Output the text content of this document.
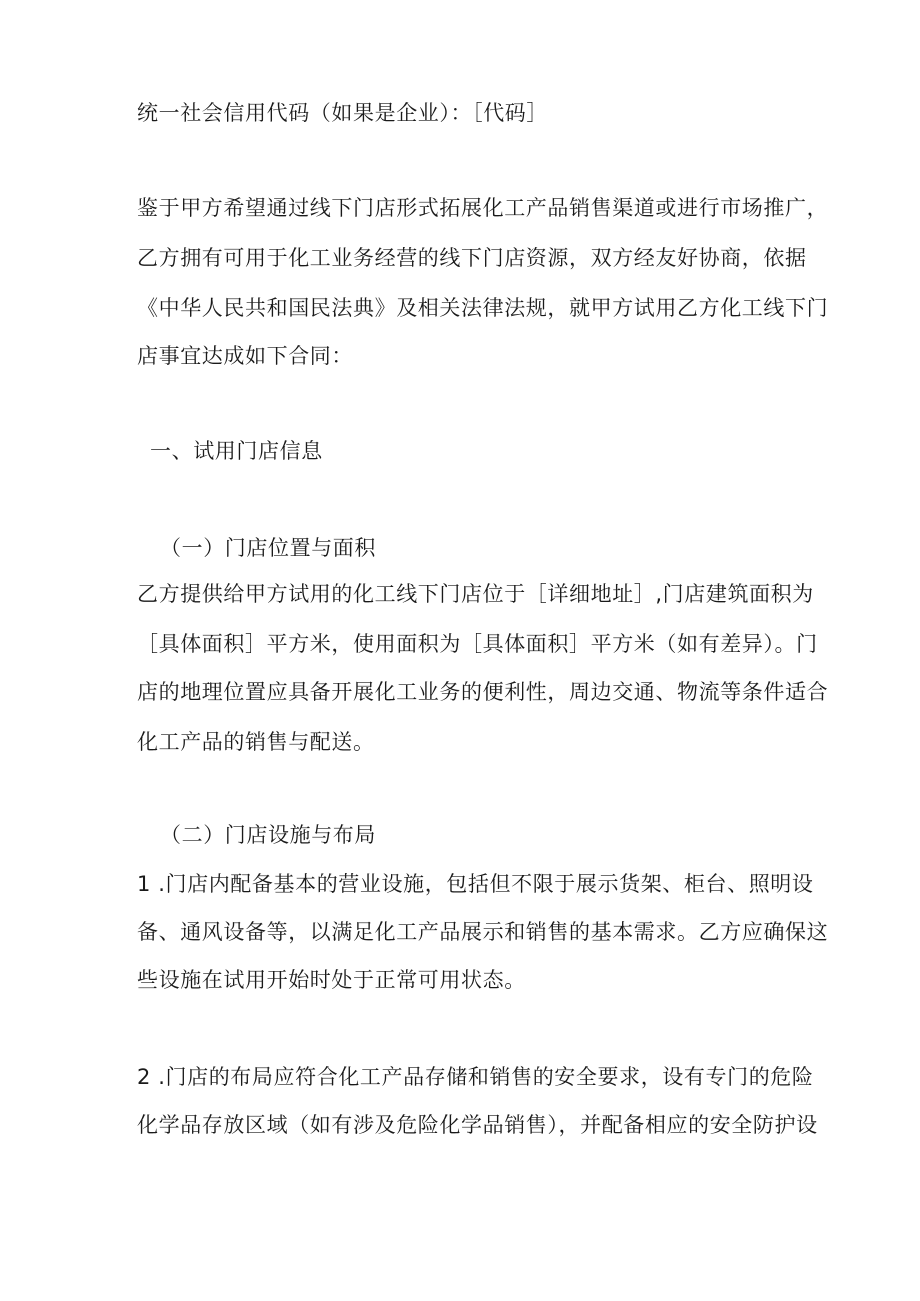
统一社会信用代码（如果是企业）：［代码］
鉴于甲方希望通过线下门店形式拓展化工产品销售渠道或进行市场推广，
乙方拥有可用于化工业务经营的线下门店资源，双方经友好协商，依据
《中华人民共和国民法典》及相关法律法规，就甲方试用乙方化工线下门
店事宜达成如下合同：
一、试用门店信息
（一）门店位置与面积
乙方提供给甲方试用的化工线下门店位于［详细地址］,门店建筑面积为
［具体面积］平方米，使用面积为［具体面积］平方米（如有差异）。门
店的地理位置应具备开展化工业务的便利性，周边交通、物流等条件适合
化工产品的销售与配送。
（二）门店设施与布局
1 .门店内配备基本的营业设施，包括但不限于展示货架、柜台、照明设
备、通风设备等，以满足化工产品展示和销售的基本需求。乙方应确保这
些设施在试用开始时处于正常可用状态。
2 .门店的布局应符合化工产品存储和销售的安全要求，设有专门的危险
化学品存放区域（如有涉及危险化学品销售），并配备相应的安全防护设
